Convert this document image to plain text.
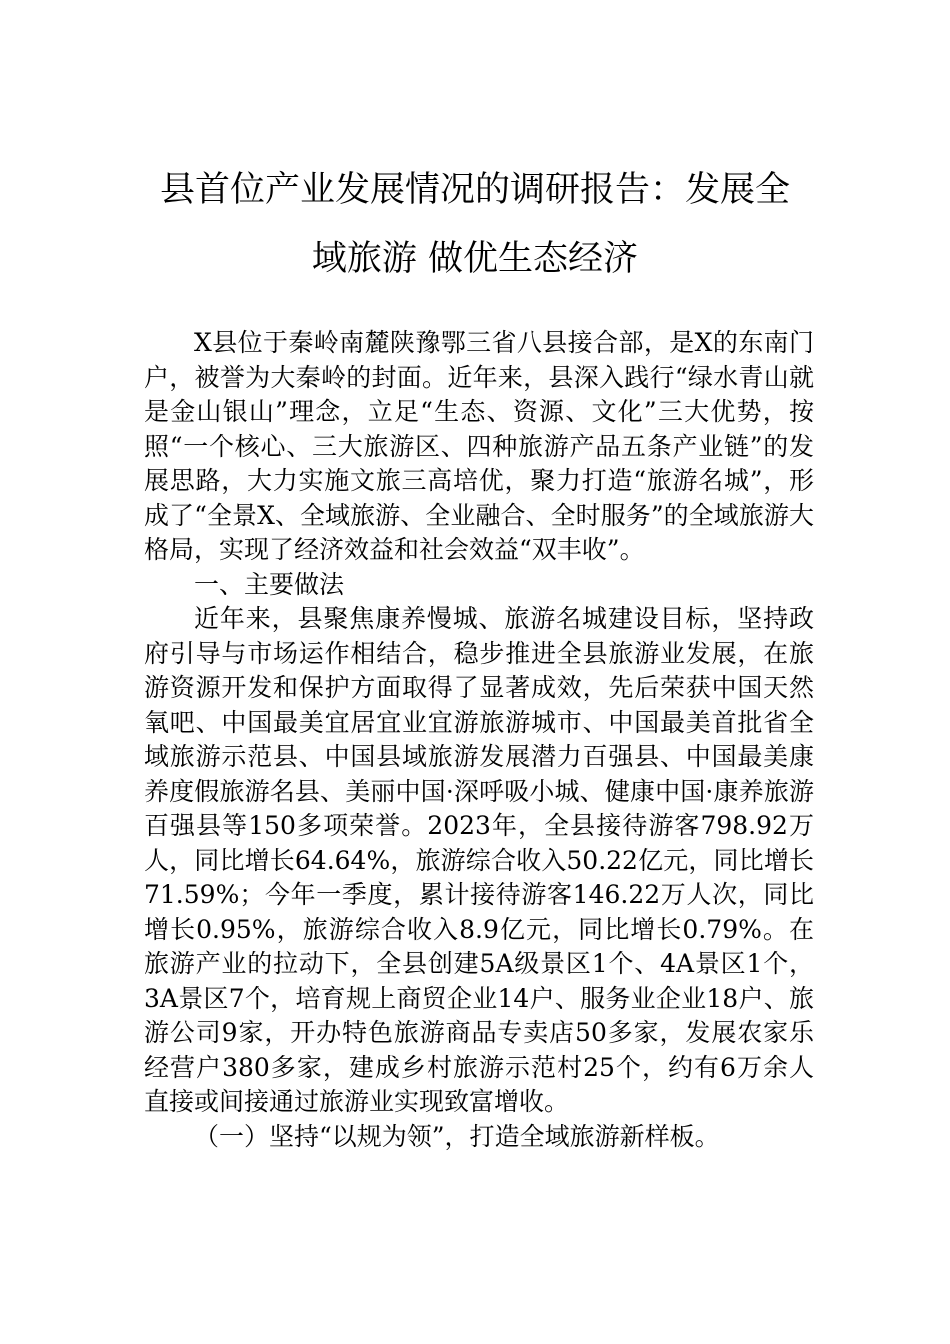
县首位产业发展情况的调研报告：发展全
域旅游 做优生态经济

X县位于秦岭南麓陕豫鄂三省八县接合部，是X的东南门户，被誉为大秦岭的封面。近年来，县深入践行“绿水青山就是金山银山”理念，立足“生态、资源、文化”三大优势，按照“一个核心、三大旅游区、四种旅游产品五条产业链”的发展思路，大力实施文旅三高培优，聚力打造“旅游名城”，形成了“全景X、全域旅游、全业融合、全时服务”的全域旅游大格局，实现了经济效益和社会效益“双丰收”。

一、主要做法

近年来，县聚焦康养慢城、旅游名城建设目标，坚持政府引导与市场运作相结合，稳步推进全县旅游业发展，在旅游资源开发和保护方面取得了显著成效，先后荣获中国天然氧吧、中国最美宜居宜业宜游旅游城市、中国最美首批省全域旅游示范县、中国县域旅游发展潜力百强县、中国最美康养度假旅游名县、美丽中国·深呼吸小城、健康中国·康养旅游百强县等150多项荣誉。2023年，全县接待游客798.92万人，同比增长64.64%，旅游综合收入50.22亿元，同比增长71.59%；今年一季度，累计接待游客146.22万人次，同比增长0.95%，旅游综合收入8.9亿元，同比增长0.79%。在旅游产业的拉动下，全县创建5A级景区1个、4A景区1个，3A景区7个，培育规上商贸企业14户、服务业企业18户、旅游公司9家，开办特色旅游商品专卖店50多家，发展农家乐经营户380多家，建成乡村旅游示范村25个，约有6万余人直接或间接通过旅游业实现致富增收。

（一）坚持“以规为领”，打造全域旅游新样板。
